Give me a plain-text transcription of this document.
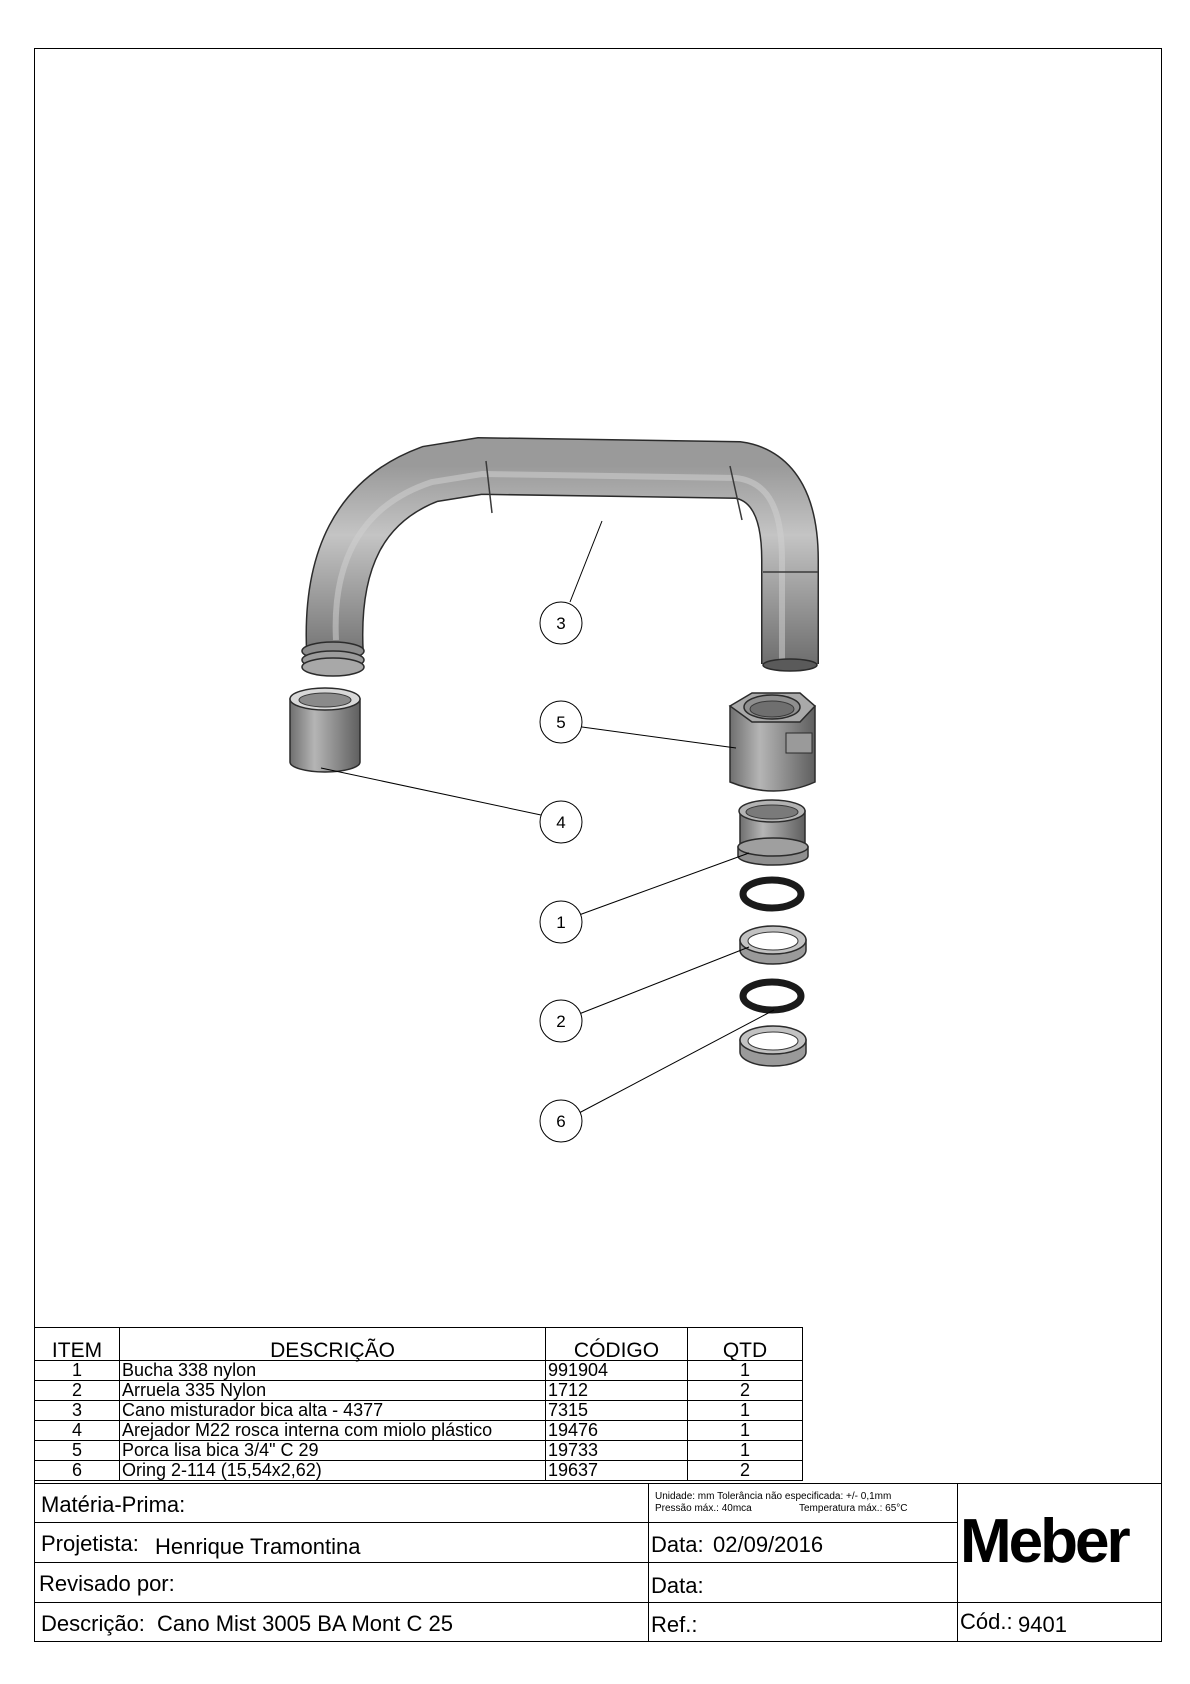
3
5
4
1
2
6
ITEM	DESCRIÇÃO	CÓDIGO	QTD
1	Bucha 338 nylon	991904	1
2	Arruela 335 Nylon	1712	2
3	Cano misturador bica alta - 4377	7315	1
4	Arejador M22 rosca interna com miolo plástico	19476	1
5	Porca lisa bica 3/4" C 29	19733	1
6	Oring 2-114 (15,54x2,62)	19637	2
Matéria-Prima:
Projetista: Henrique Tramontina
Revisado por:
Descrição: Cano Mist 3005 BA Mont C 25
Unidade: mm Tolerância não especificada: +/- 0,1mm
Pressão máx.: 40mca	Temperatura máx.: 65°C
Data: 02/09/2016
Data:
Ref.:
Meber
Cód.: 9401
